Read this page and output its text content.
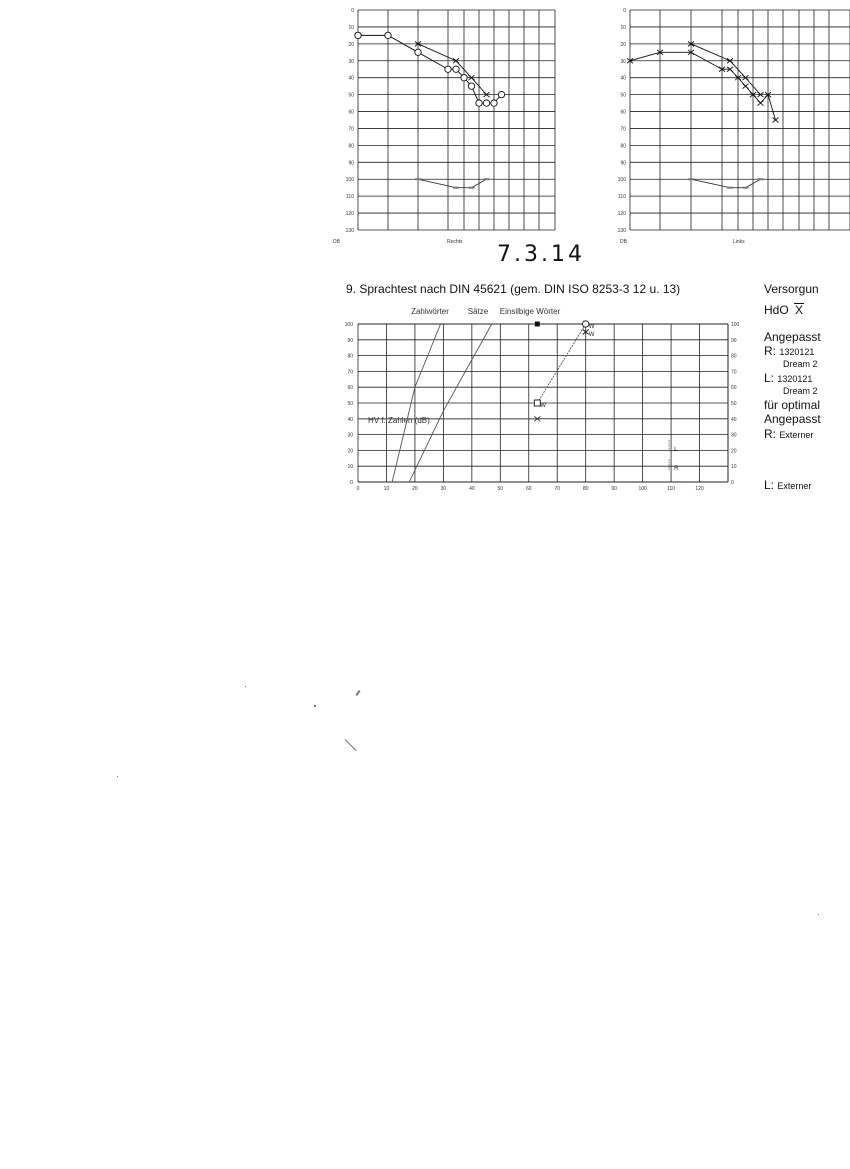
0
10
20
30
40
50
60
70
80
90
100
110
120
130
DB	Rechts
0
10
20
30
40
50
60
70
80
90
100
110
120
130
DB	Links
7.3.14
9. Sprachtest nach DIN 45621 (gem. DIN ISO 8253-3 12 u. 13)
0
10
20
30
40
50
60
70
80
90
100	100
90
80
70
60
50
40
30
20
10
0
0	10	20	30	40	50	60	70	80	90	100	110	120
W
W
W
L
R
Zahlwörter Sätze Einsilbige Wörter
HV f. Zahlen (dB)
Versorgun
HdO X
Angepasst
R: 1320121
Dream 2
L: 1320121
Dream 2
für optimal
Angepasst
R: Externer
L: Externer
